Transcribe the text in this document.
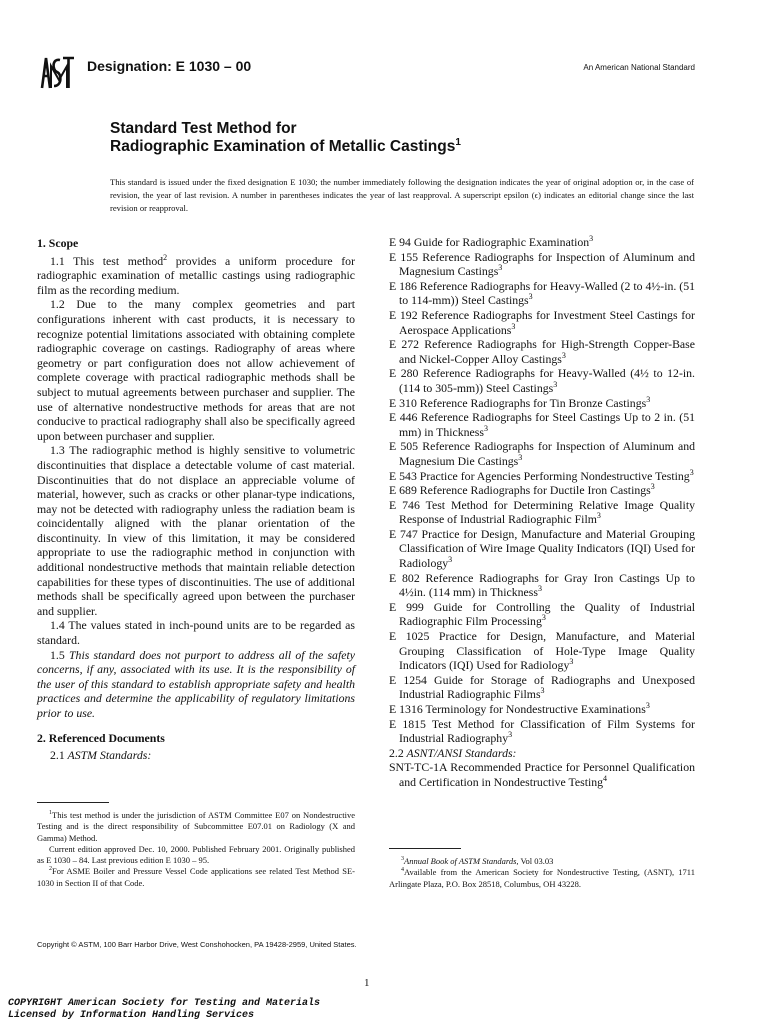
Designation: E 1030 – 00	An American National Standard
Standard Test Method for
Radiographic Examination of Metallic Castings$^1$
This standard is issued under the fixed designation E 1030; the number immediately following the designation indicates the year of original adoption or, in the case of revision, the year of last revision. A number in parentheses indicates the year of last reapproval. A superscript epsilon (ϵ) indicates an editorial change since the last revision or reapproval.

1. Scope

1.1 This test method$^2$ provides a uniform procedure for radiographic examination of metallic castings using radiographic film as the recording medium.

1.2 Due to the many complex geometries and part configurations inherent with cast products, it is necessary to recognize potential limitations associated with obtaining complete radiographic coverage on castings. Radiography of areas where geometry or part configuration does not allow achievement of complete coverage with practical radiographic methods shall be subject to mutual agreements between purchaser and supplier. The use of alternative nondestructive methods for areas that are not conducive to practical radiography shall also be specifically agreed upon between purchaser and supplier.

1.3 The radiographic method is highly sensitive to volumetric discontinuities that displace a detectable volume of cast material. Discontinuities that do not displace an appreciable volume of material, however, such as cracks or other planar-type indications, may not be detected with radiography unless the radiation beam is coincidentally aligned with the planar orientation of the discontinuity. In view of this limitation, it may be considered appropriate to use the radiographic method in conjunction with additional nondestructive methods that maintain reliable detection capabilities for these types of discontinuities. The use of additional methods shall be specifically agreed upon between the purchaser and supplier.

1.4 The values stated in inch-pound units are to be regarded as standard.

1.5 This standard does not purport to address all of the safety concerns, if any, associated with its use. It is the responsibility of the user of this standard to establish appropriate safety and health practices and determine the applicability of regulatory limitations prior to use.

2. Referenced Documents

2.1 ASTM Standards:

E 94 Guide for Radiographic Examination$^3$

E 155 Reference Radiographs for Inspection of Aluminum and Magnesium Castings$^3$

E 186 Reference Radiographs for Heavy-Walled (2 to 4½-in. (51 to 114-mm)) Steel Castings$^3$

E 192 Reference Radiographs for Investment Steel Castings for Aerospace Applications$^3$

E 272 Reference Radiographs for High-Strength Copper-Base and Nickel-Copper Alloy Castings$^3$

E 280 Reference Radiographs for Heavy-Walled (4½ to 12-in. (114 to 305-mm)) Steel Castings$^3$

E 310 Reference Radiographs for Tin Bronze Castings$^3$

E 446 Reference Radiographs for Steel Castings Up to 2 in. (51 mm) in Thickness$^3$

E 505 Reference Radiographs for Inspection of Aluminum and Magnesium Die Castings$^3$

E 543 Practice for Agencies Performing Nondestructive Testing$^3$

E 689 Reference Radiographs for Ductile Iron Castings$^3$

E 746 Test Method for Determining Relative Image Quality Response of Industrial Radiographic Film$^3$

E 747 Practice for Design, Manufacture and Material Grouping Classification of Wire Image Quality Indicators (IQI) Used for Radiology$^3$

E 802 Reference Radiographs for Gray Iron Castings Up to 4½in. (114 mm) in Thickness$^3$

E 999 Guide for Controlling the Quality of Industrial Radiographic Film Processing$^3$

E 1025 Practice for Design, Manufacture, and Material Grouping Classification of Hole-Type Image Quality Indicators (IQI) Used for Radiology$^3$

E 1254 Guide for Storage of Radiographs and Unexposed Industrial Radiographic Films$^3$

E 1316 Terminology for Nondestructive Examinations$^3$

E 1815 Test Method for Classification of Film Systems for Industrial Radiography$^3$

2.2 ASNT/ANSI Standards:

SNT-TC-1A Recommended Practice for Personnel Qualification and Certification in Nondestructive Testing$^4$

$^1$This test method is under the jurisdiction of ASTM Committee E07 on Nondestructive Testing and is the direct responsibility of Subcommittee E07.01 on Radiology (X and Gamma) Method.

Current edition approved Dec. 10, 2000. Published February 2001. Originally published as E 1030 – 84. Last previous edition E 1030 – 95.

$^2$For ASME Boiler and Pressure Vessel Code applications see related Test Method SE-1030 in Section II of that Code.

$^3$Annual Book of ASTM Standards, Vol 03.03

$^4$Available from the American Society for Nondestructive Testing, (ASNT), 1711 Arlingate Plaza, P.O. Box 28518, Columbus, OH 43228.

Copyright © ASTM, 100 Barr Harbor Drive, West Conshohocken, PA 19428-2959, United States.
1
COPYRIGHT American Society for Testing and Materials
Licensed by Information Handling Services
